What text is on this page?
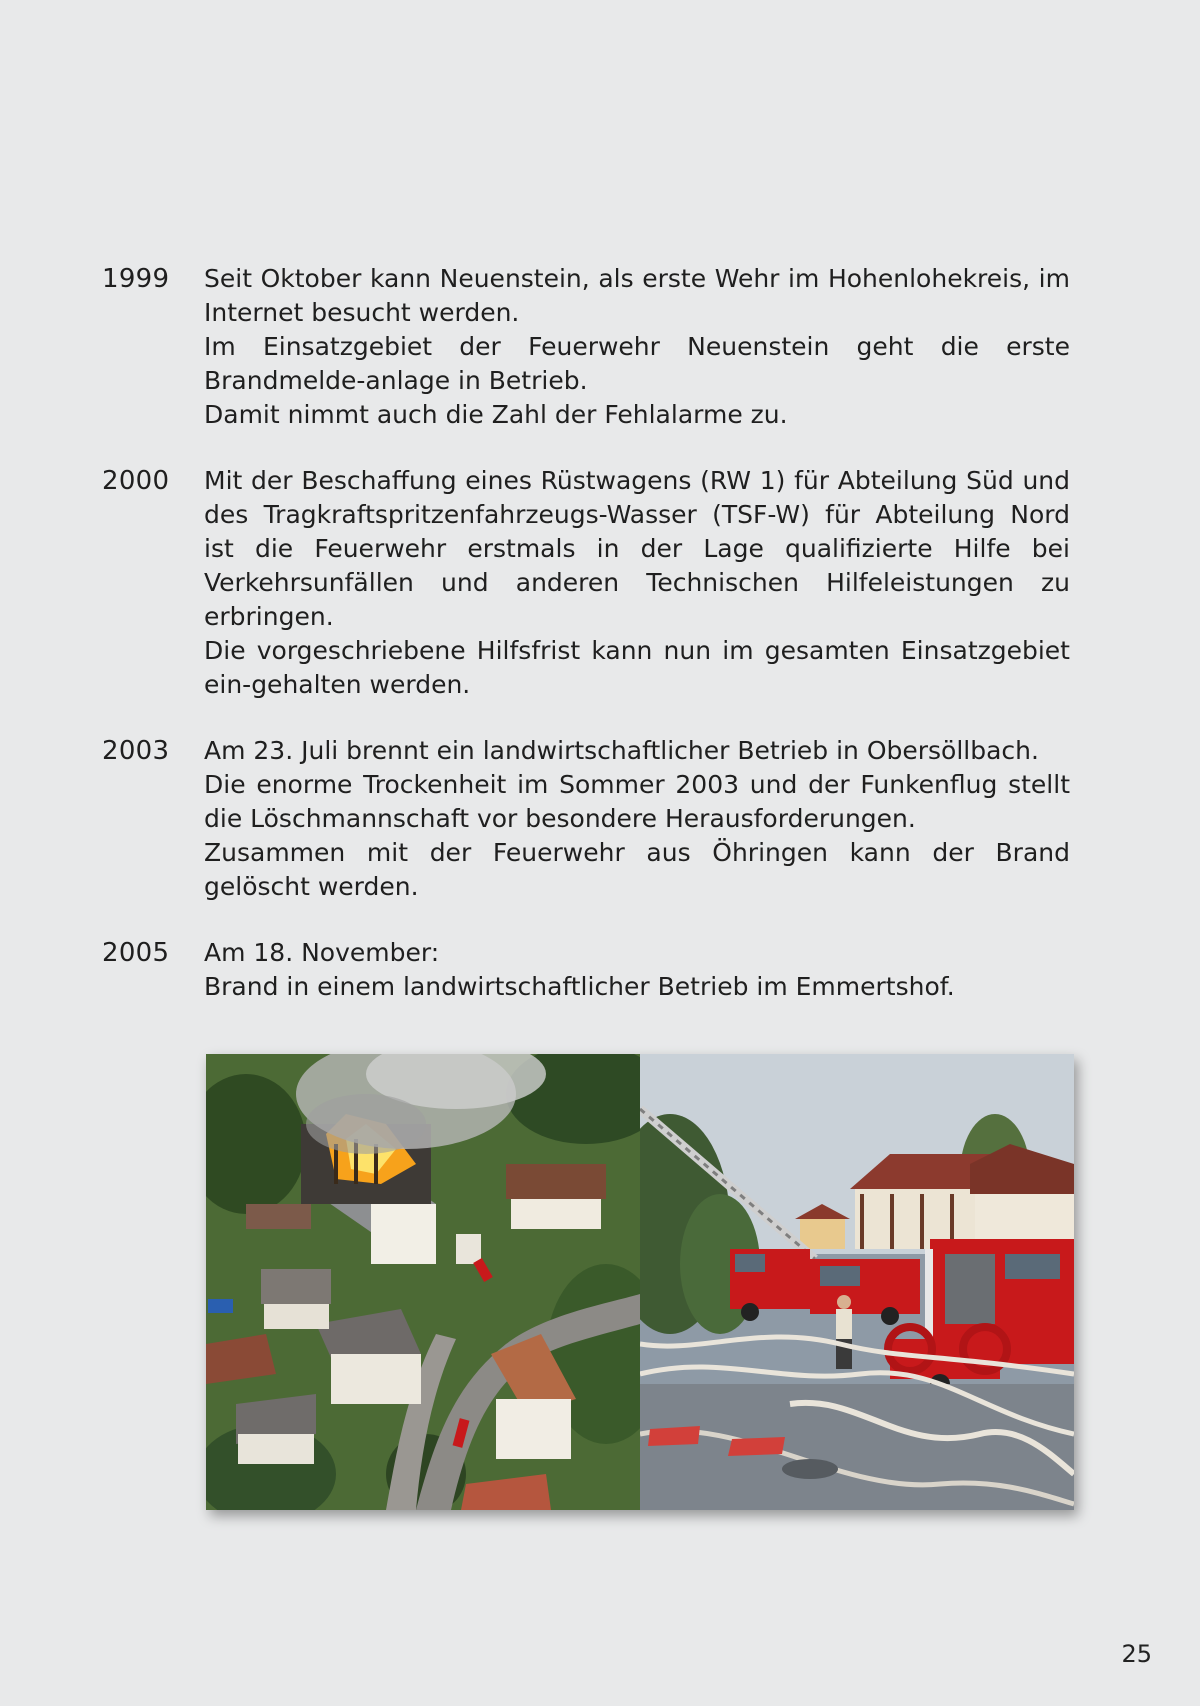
1999	Seit Oktober kann Neuenstein, als erste Wehr im Hohenlohekreis, im Internet besucht werden.

Im Einsatzgebiet der Feuerwehr Neuenstein geht die erste Brandmelde-anlage in Betrieb.

Damit nimmt auch die Zahl der Fehlalarme zu.

2000	Mit der Beschaffung eines Rüstwagens (RW 1) für Abteilung Süd und des Tragkraftspritzenfahrzeugs-Wasser (TSF-W) für Abteilung Nord ist die Feuerwehr erstmals in der Lage qualifizierte Hilfe bei Verkehrsunfällen und anderen Technischen Hilfeleistungen zu erbringen.

Die vorgeschriebene Hilfsfrist kann nun im gesamten Einsatzgebiet ein-gehalten werden.

2003	Am 23. Juli brennt ein landwirtschaftlicher Betrieb in Obersöllbach.

Die enorme Trockenheit im Sommer 2003 und der Funkenflug stellt die Löschmannschaft vor besondere Herausforderungen.

Zusammen mit der Feuerwehr aus Öhringen kann der Brand gelöscht werden.

2005	Am 18. November:

Brand in einem landwirtschaftlicher Betrieb im Emmertshof.

25
